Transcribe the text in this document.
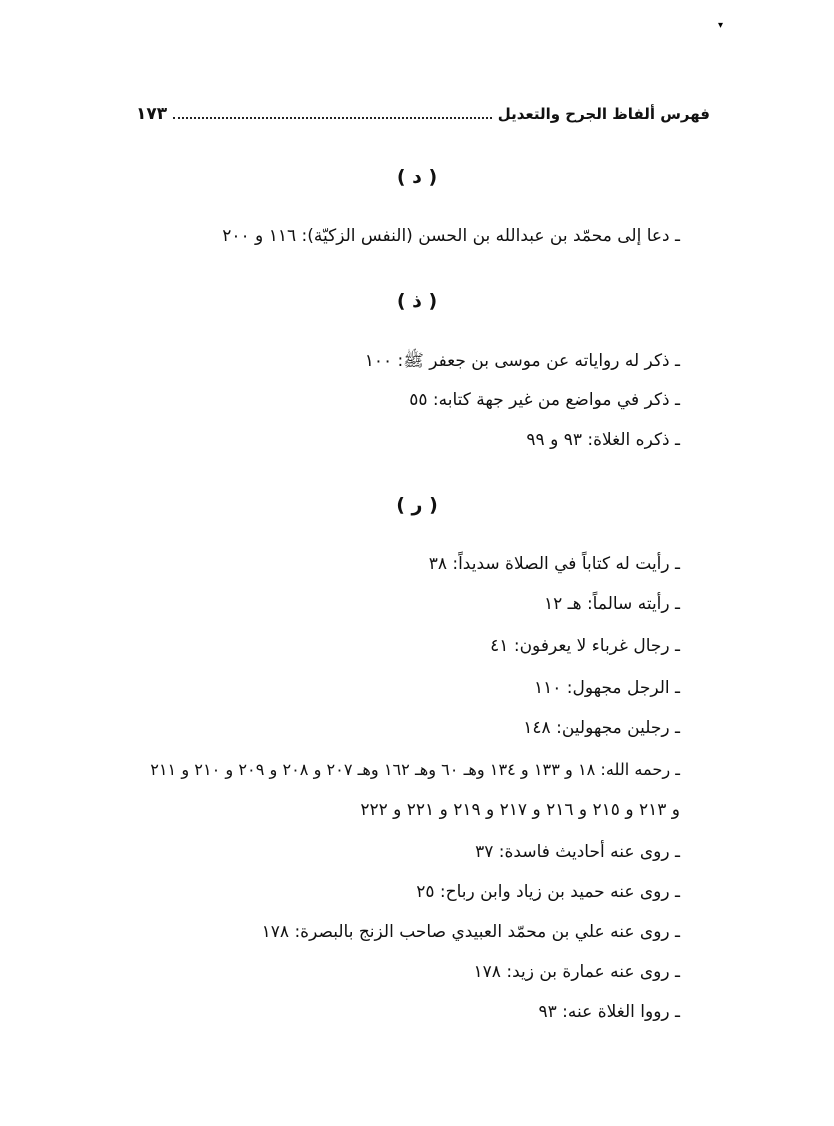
▾
فهرس ألفاظ الجرح والتعديل
١٧٣
( د )
ـ دعا إلى محمّد بن عبدالله بن الحسن (النفس الزكيّة): ١١٦ و ٢٠٠
( ذ )
ـ ذكر له رواياته عن موسى بن جعفر ﷺ: ١٠٠
ـ ذكر في مواضع من غير جهة كتابه: ٥٥
ـ ذكره الغلاة: ٩٣ و ٩٩
( ر )
ـ رأيت له كتاباً في الصلاة سديداً: ٣٨
ـ رأيته سالماً: هـ ١٢
ـ رجال غرباء لا يعرفون: ٤١
ـ الرجل مجهول: ١١٠
ـ رجلين مجهولين: ١٤٨
ـ رحمه الله: ١٨ و ١٣٣ و ١٣٤ وهـ ٦٠ وهـ ١٦٢ وهـ ٢٠٧ و ٢٠٨ و ٢٠٩ و ٢١٠ و ٢١١
و ٢١٣ و ٢١٥ و ٢١٦ و ٢١٧ و ٢١٩ و ٢٢١ و ٢٢٢
ـ روى عنه أحاديث فاسدة: ٣٧
ـ روى عنه حميد بن زياد وابن رباح: ٢٥
ـ روى عنه علي بن محمّد العبيدي صاحب الزنج بالبصرة: ١٧٨
ـ روى عنه عمارة بن زيد: ١٧٨
ـ رووا الغلاة عنه: ٩٣
